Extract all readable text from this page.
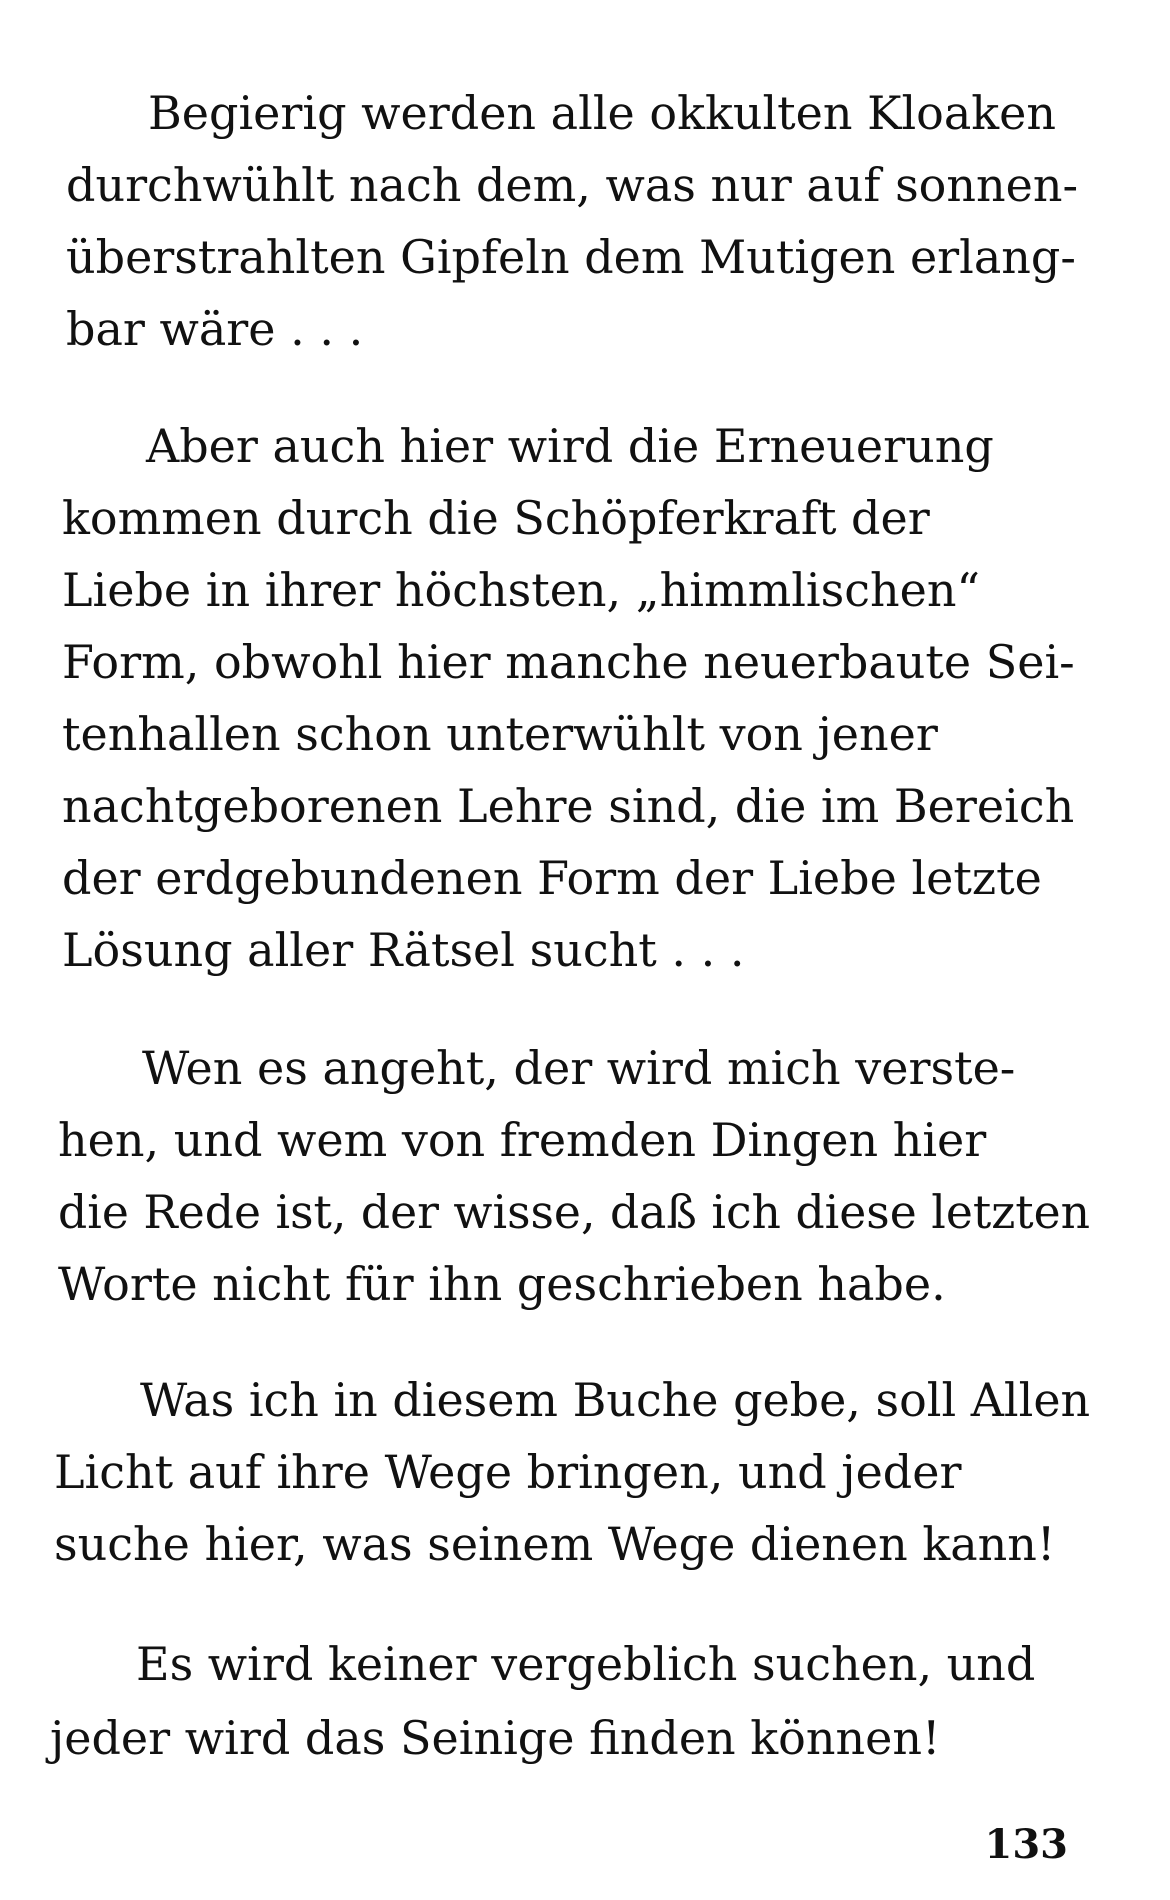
Begierig werden alle okkulten Kloaken
durchwühlt nach dem, was nur auf sonnen-
überstrahlten Gipfeln dem Mutigen erlang-
bar wäre . . .
Aber auch hier wird die Erneuerung
kommen durch die Schöpferkraft der
Liebe in ihrer höchsten, „himmlischen“
Form, obwohl hier manche neuerbaute Sei-
tenhallen schon unterwühlt von jener
nachtgeborenen Lehre sind, die im Bereich
der erdgebundenen Form der Liebe letzte
Lösung aller Rätsel sucht . . .
Wen es angeht, der wird mich verste-
hen, und wem von fremden Dingen hier
die Rede ist, der wisse, daß ich diese letzten
Worte nicht für ihn geschrieben habe.
Was ich in diesem Buche gebe, soll Allen
Licht auf ihre Wege bringen, und jeder
suche hier, was seinem Wege dienen kann!
Es wird keiner vergeblich suchen, und
jeder wird das Seinige finden können!
133
